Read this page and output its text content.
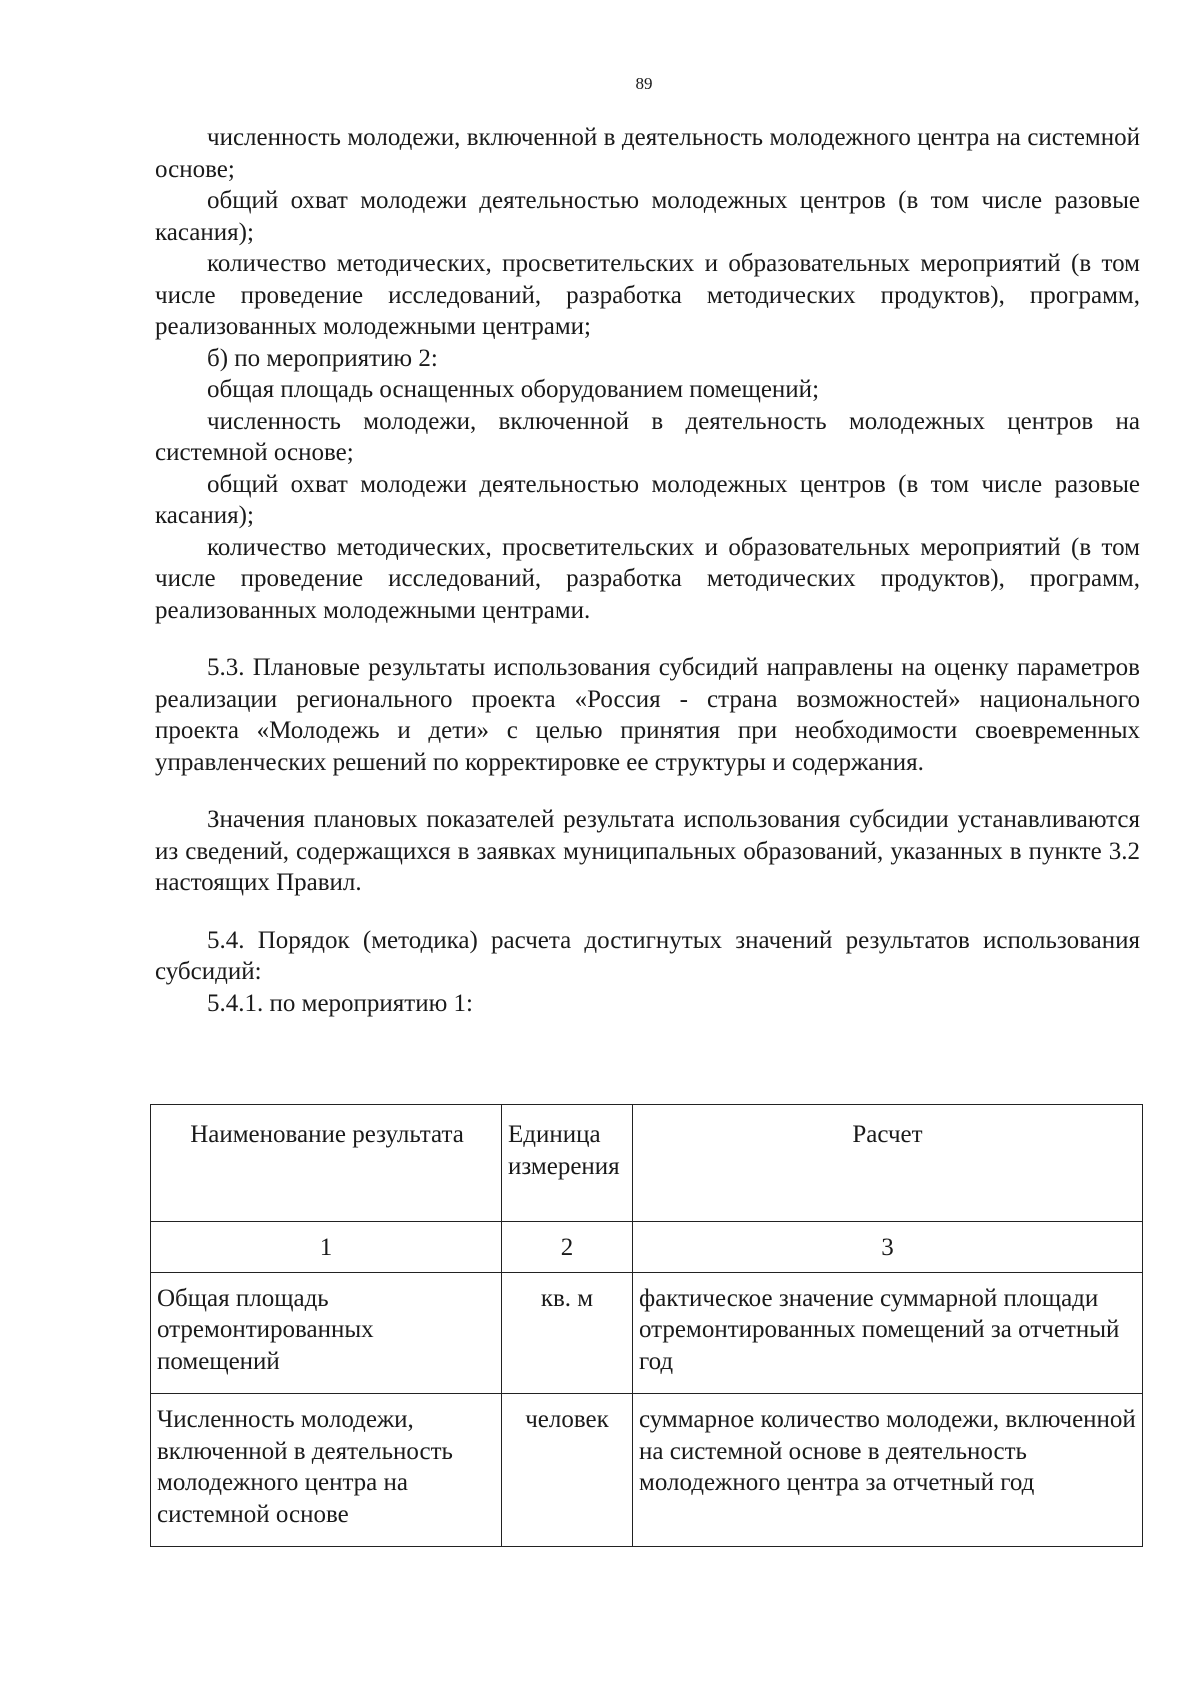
89

численность молодежи, включенной в деятельность молодежного центра на системной основе;

общий охват молодежи деятельностью молодежных центров (в том числе разовые касания);

количество методических, просветительских и образовательных мероприятий (в том числе проведение исследований, разработка методических продуктов), программ, реализованных молодежными центрами;

б) по мероприятию 2:

общая площадь оснащенных оборудованием помещений;

численность молодежи, включенной в деятельность молодежных центров на системной основе;

общий охват молодежи деятельностью молодежных центров (в том числе разовые касания);

количество методических, просветительских и образовательных мероприятий (в том числе проведение исследований, разработка методических продуктов), программ, реализованных молодежными центрами.

5.3. Плановые результаты использования субсидий направлены на оценку параметров реализации регионального проекта «Россия - страна возможностей» национального проекта «Молодежь и дети» с целью принятия при необходимости своевременных управленческих решений по корректировке ее структуры и содержания.

Значения плановых показателей результата использования субсидии устанавливаются из сведений, содержащихся в заявках муниципальных образований, указанных в пункте 3.2 настоящих Правил.

5.4. Порядок (методика) расчета достигнутых значений результатов использования субсидий:

5.4.1. по мероприятию 1:

Наименование результата	Единица измерения	Расчет
1	2	3
Общая площадь отремонтированных помещений	кв. м	фактическое значение суммарной площади отремонтированных помещений за отчетный год
Численность молодежи, включенной в деятельность молодежного центра на системной основе	человек	суммарное количество молодежи, включенной на системной основе в деятельность молодежного центра за отчетный год
